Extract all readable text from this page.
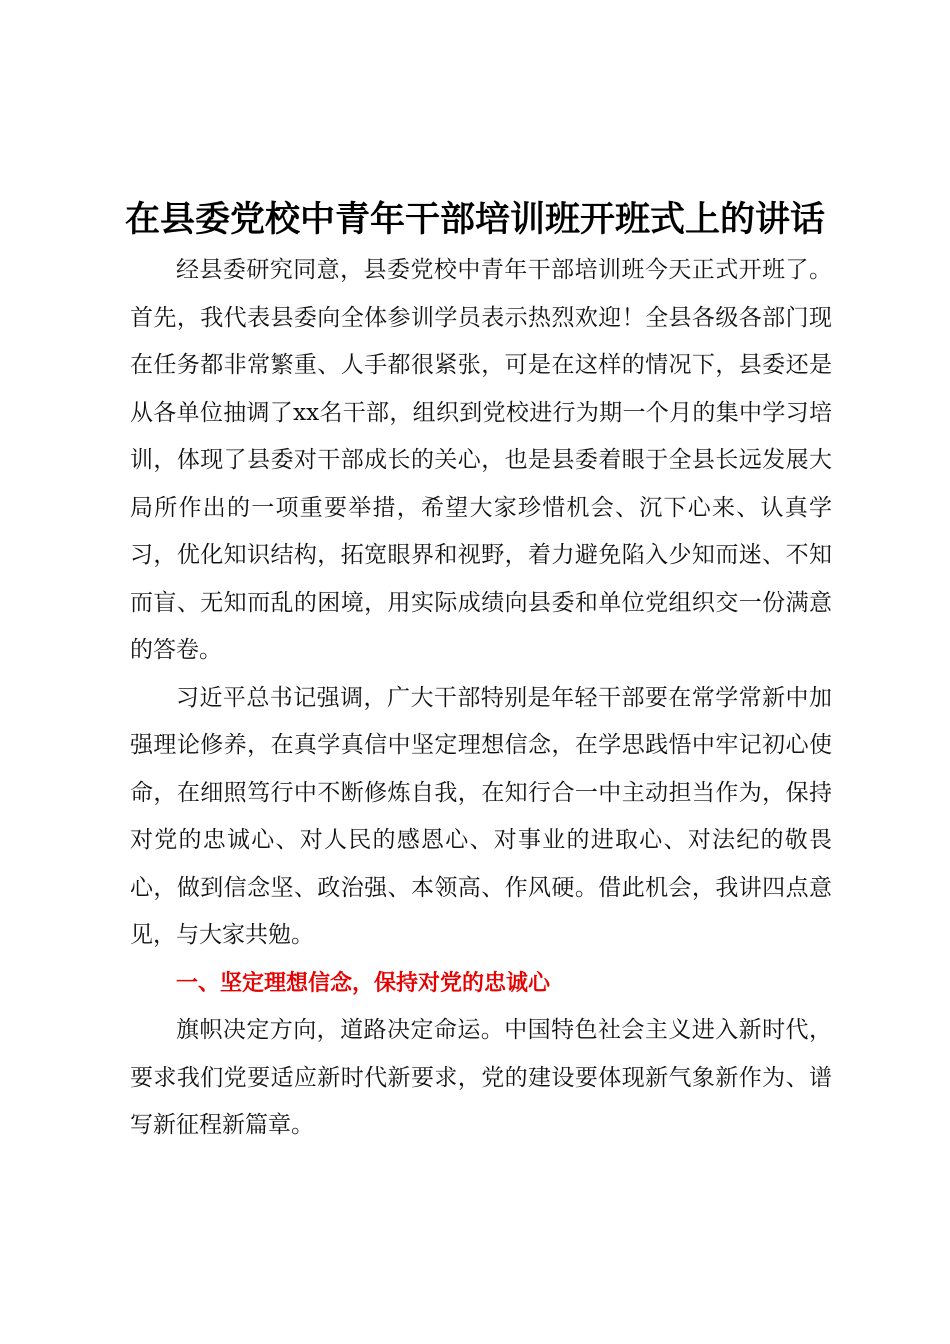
在县委党校中青年干部培训班开班式上的讲话

经县委研究同意，县委党校中青年干部培训班今天正式开班了。首先，我代表县委向全体参训学员表示热烈欢迎！全县各级各部门现在任务都非常繁重、人手都很紧张，可是在这样的情况下，县委还是从各单位抽调了xx名干部，组织到党校进行为期一个月的集中学习培训，体现了县委对干部成长的关心，也是县委着眼于全县长远发展大局所作出的一项重要举措，希望大家珍惜机会、沉下心来、认真学习，优化知识结构，拓宽眼界和视野，着力避免陷入少知而迷、不知而盲、无知而乱的困境，用实际成绩向县委和单位党组织交一份满意的答卷。

习近平总书记强调，广大干部特别是年轻干部要在常学常新中加强理论修养，在真学真信中坚定理想信念，在学思践悟中牢记初心使命，在细照笃行中不断修炼自我，在知行合一中主动担当作为，保持对党的忠诚心、对人民的感恩心、对事业的进取心、对法纪的敬畏心，做到信念坚、政治强、本领高、作风硬。借此机会，我讲四点意见，与大家共勉。

一、坚定理想信念，保持对党的忠诚心

旗帜决定方向，道路决定命运。中国特色社会主义进入新时代，要求我们党要适应新时代新要求，党的建设要体现新气象新作为、谱写新征程新篇章。
